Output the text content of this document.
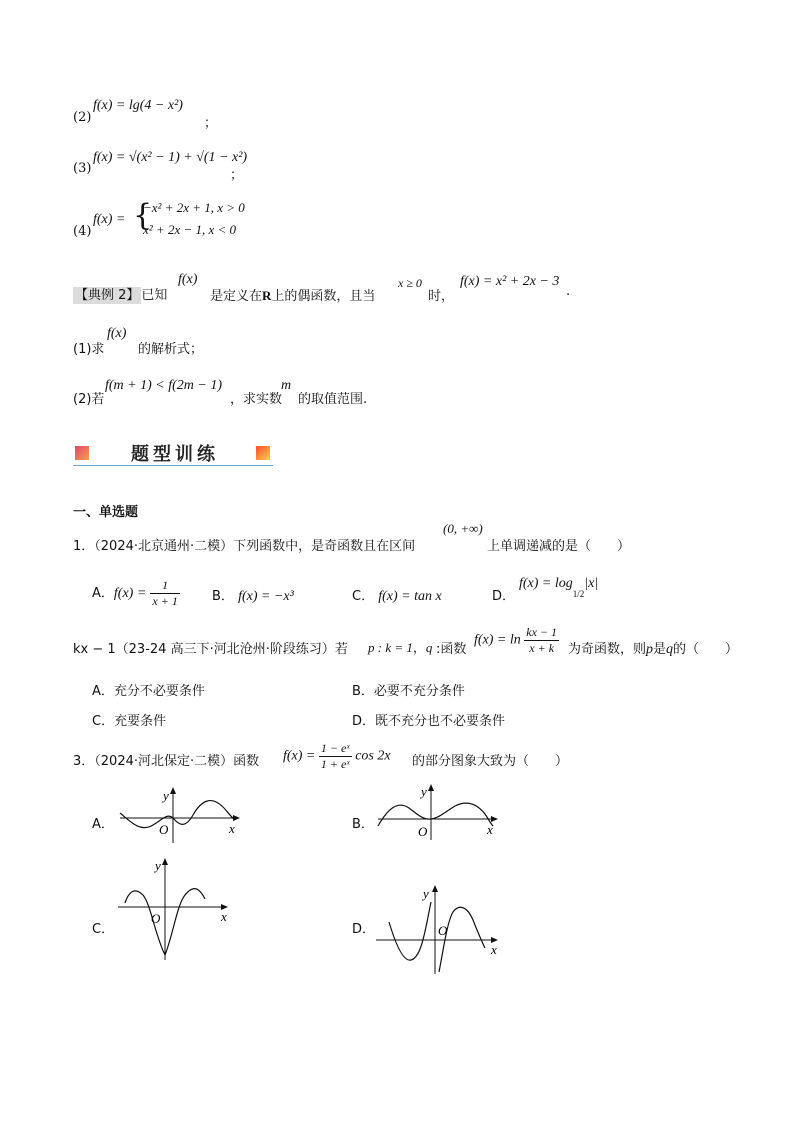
(2)
f(x) = lg(4 − x²)
；
(3)
f(x) = √(x² − 1) + √(1 − x²)
；
(4)
f(x) = {
−x² + 2x + 1, x > 0
x² + 2x − 1, x < 0
【典例 2】 已知
f(x)
是定义在R上的偶函数，且当
x ≥ 0
时，
f(x) = x² + 2x − 3
.
(1)求
f(x)
的解析式；
(2)若
f(m + 1) < f(2m − 1)
，求实数
m
的取值范围.
题型训练
一、单选题
1．（2024·北京通州·二模）下列函数中，是奇函数且在区间
(0, +∞)
上单调递减的是（　　）
A．$f(x) = \frac{1}{x + 1}$ B． f(x) = −x³	C． f(x) = tan x	D．
$f(x) = \log_{1/2}|x|$
kx − 1（23-24 高三下·河北沧州·阶段练习）若 p : k = 1，q :函数
$f(x) = \ln \frac{kx - 1}{x + k}$ 为奇函数，则p是q的（　　）
A．充分不必要条件	B．必要不充分条件
C．充要条件	D．既不充分也不必要条件
3．（2024·河北保定·二模）函数 $f(x) = \frac{\text{1 − eˣ}}{\text{1 + eˣ}}$ cos 2x 的部分图象大致为（　　）
A．
y
x
O	B．
y
x
O
C．
y
x
O
D．
y
x
O
